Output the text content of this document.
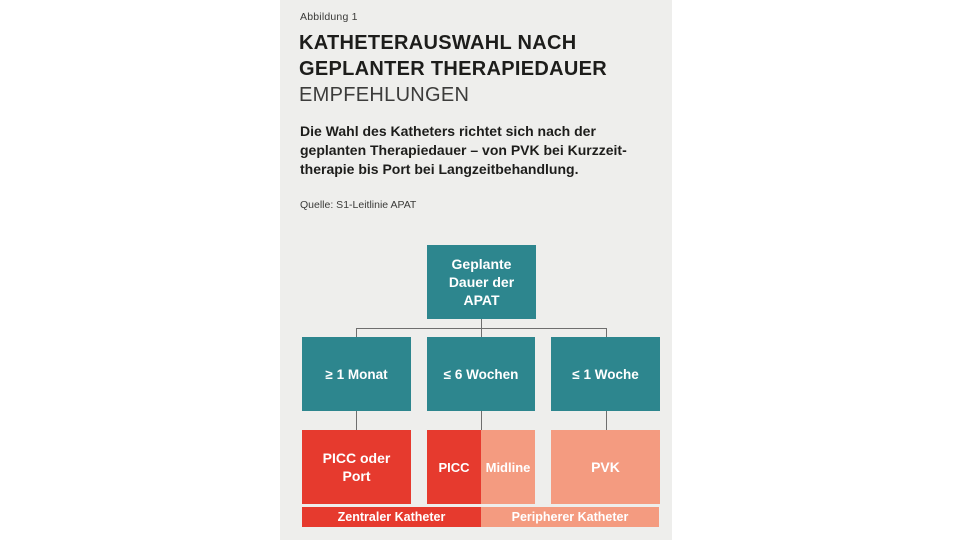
Abbildung 1
KATHETERAUSWAHL NACH
GEPLANTER THERAPIEDAUER
EMPFEHLUNGEN
Die Wahl des Katheters richtet sich nach der
geplanten Therapiedauer – von PVK bei Kurzzeit-
therapie bis Port bei Langzeitbehandlung.
Quelle: S1-Leitlinie APAT
Geplante
Dauer der
APAT
≥ 1 Monat	≤ 6 Wochen	≤ 1 Woche
PICC oder Port
PICC	Midline	PVK
Zentraler Katheter	Peripherer Katheter
